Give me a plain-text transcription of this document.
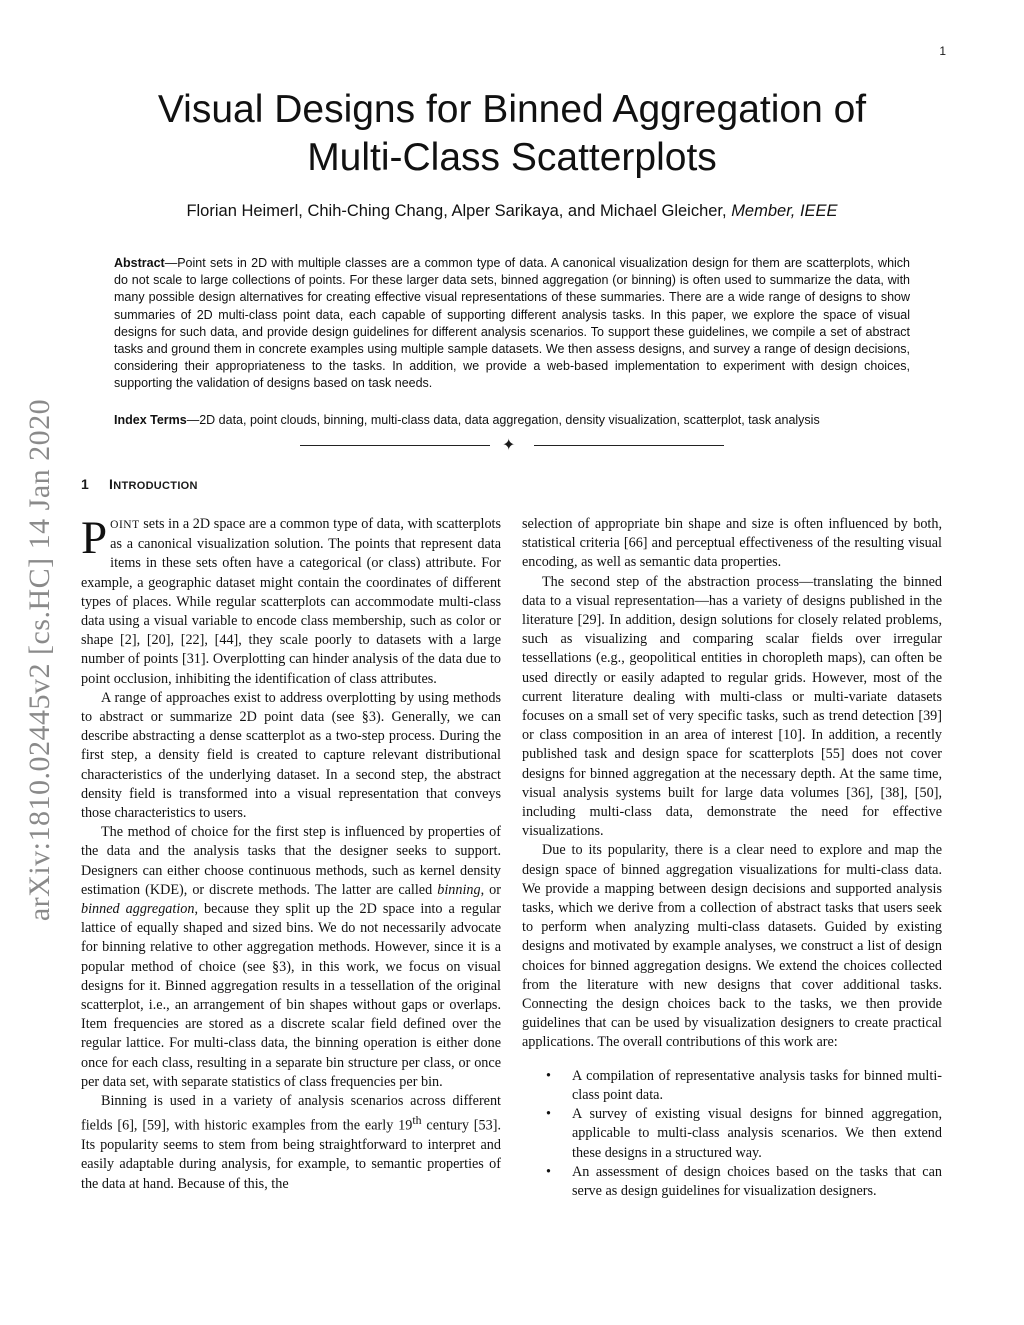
1
arXiv:1810.02445v2 [cs.HC] 14 Jan 2020
Visual Designs for Binned Aggregation of
Multi-Class Scatterplots
Florian Heimerl, Chih-Ching Chang, Alper Sarikaya, and Michael Gleicher, Member, IEEE
Abstract—Point sets in 2D with multiple classes are a common type of data. A canonical visualization design for them are scatterplots, which do not scale to large collections of points. For these larger data sets, binned aggregation (or binning) is often used to summarize the data, with many possible design alternatives for creating effective visual representations of these summaries. There are a wide range of designs to show summaries of 2D multi-class point data, each capable of supporting different analysis tasks. In this paper, we explore the space of visual designs for such data, and provide design guidelines for different analysis scenarios. To support these guidelines, we compile a set of abstract tasks and ground them in concrete examples using multiple sample datasets. We then assess designs, and survey a range of design decisions, considering their appropriateness to the tasks. In addition, we provide a web-based implementation to experiment with design choices, supporting the validation of designs based on task needs.
Index Terms—2D data, point clouds, binning, multi-class data, data aggregation, density visualization, scatterplot, task analysis
✦
1 INTRODUCTION

POINT sets in a 2D space are a common type of data, with scatterplots as a canonical visualization solution. The points that represent data items in these sets often have a categorical (or class) attribute. For example, a geographic dataset might contain the coordinates of different types of places. While regular scatterplots can accommodate multi-class data using a visual variable to encode class membership, such as color or shape [2], [20], [22], [44], they scale poorly to datasets with a large number of points [31]. Overplotting can hinder analysis of the data due to point occlusion, inhibiting the identification of class attributes.

A range of approaches exist to address overplotting by using methods to abstract or summarize 2D point data (see §3). Generally, we can describe abstracting a dense scatterplot as a two-step process. During the first step, a density field is created to capture relevant distributional characteristics of the underlying dataset. In a second step, the abstract density field is transformed into a visual representation that conveys those characteristics to users.

The method of choice for the first step is influenced by properties of the data and the analysis tasks that the designer seeks to support. Designers can either choose continuous methods, such as kernel density estimation (KDE), or discrete methods. The latter are called binning, or binned aggregation, because they split up the 2D space into a regular lattice of equally shaped and sized bins. We do not necessarily advocate for binning relative to other aggregation methods. However, since it is a popular method of choice (see §3), in this work, we focus on visual designs for it. Binned aggregation results in a tessellation of the original scatterplot, i.e., an arrangement of bin shapes without gaps or overlaps. Item frequencies are stored as a discrete scalar field defined over the regular lattice. For multi-class data, the binning operation is either done once for each class, resulting in a separate bin structure per class, or once per data set, with separate statistics of class frequencies per bin.

Binning is used in a variety of analysis scenarios across different fields [6], [59], with historic examples from the early 19th century [53]. Its popularity seems to stem from being straightforward to interpret and easily adaptable during analysis, for example, to semantic properties of the data at hand. Because of this, the

selection of appropriate bin shape and size is often influenced by both, statistical criteria [66] and perceptual effectiveness of the resulting visual encoding, as well as semantic data properties.

The second step of the abstraction process—translating the binned data to a visual representation—has a variety of designs published in the literature [29]. In addition, design solutions for closely related problems, such as visualizing and comparing scalar fields over irregular tessellations (e.g., geopolitical entities in choropleth maps), can often be used directly or easily adapted to regular grids. However, most of the current literature dealing with multi-class or multi-variate datasets focuses on a small set of very specific tasks, such as trend detection [39] or class composition in an area of interest [10]. In addition, a recently published task and design space for scatterplots [55] does not cover designs for binned aggregation at the necessary depth. At the same time, visual analysis systems built for large data volumes [36], [38], [50], including multi-class data, demonstrate the need for effective visualizations.

Due to its popularity, there is a clear need to explore and map the design space of binned aggregation visualizations for multi-class data. We provide a mapping between design decisions and supported analysis tasks, which we derive from a collection of abstract tasks that users seek to perform when analyzing multi-class datasets. Guided by existing designs and motivated by example analyses, we construct a list of design choices for binned aggregation designs. We extend the choices collected from the literature with new designs that cover additional tasks. Connecting the design choices back to the tasks, we then provide guidelines that can be used by visualization designers to create practical applications. The overall contributions of this work are:

• A compilation of representative analysis tasks for binned multi-class point data.
• A survey of existing visual designs for binned aggregation, applicable to multi-class analysis scenarios. We then extend these designs in a structured way.
• An assessment of design choices based on the tasks that can serve as design guidelines for visualization designers.
